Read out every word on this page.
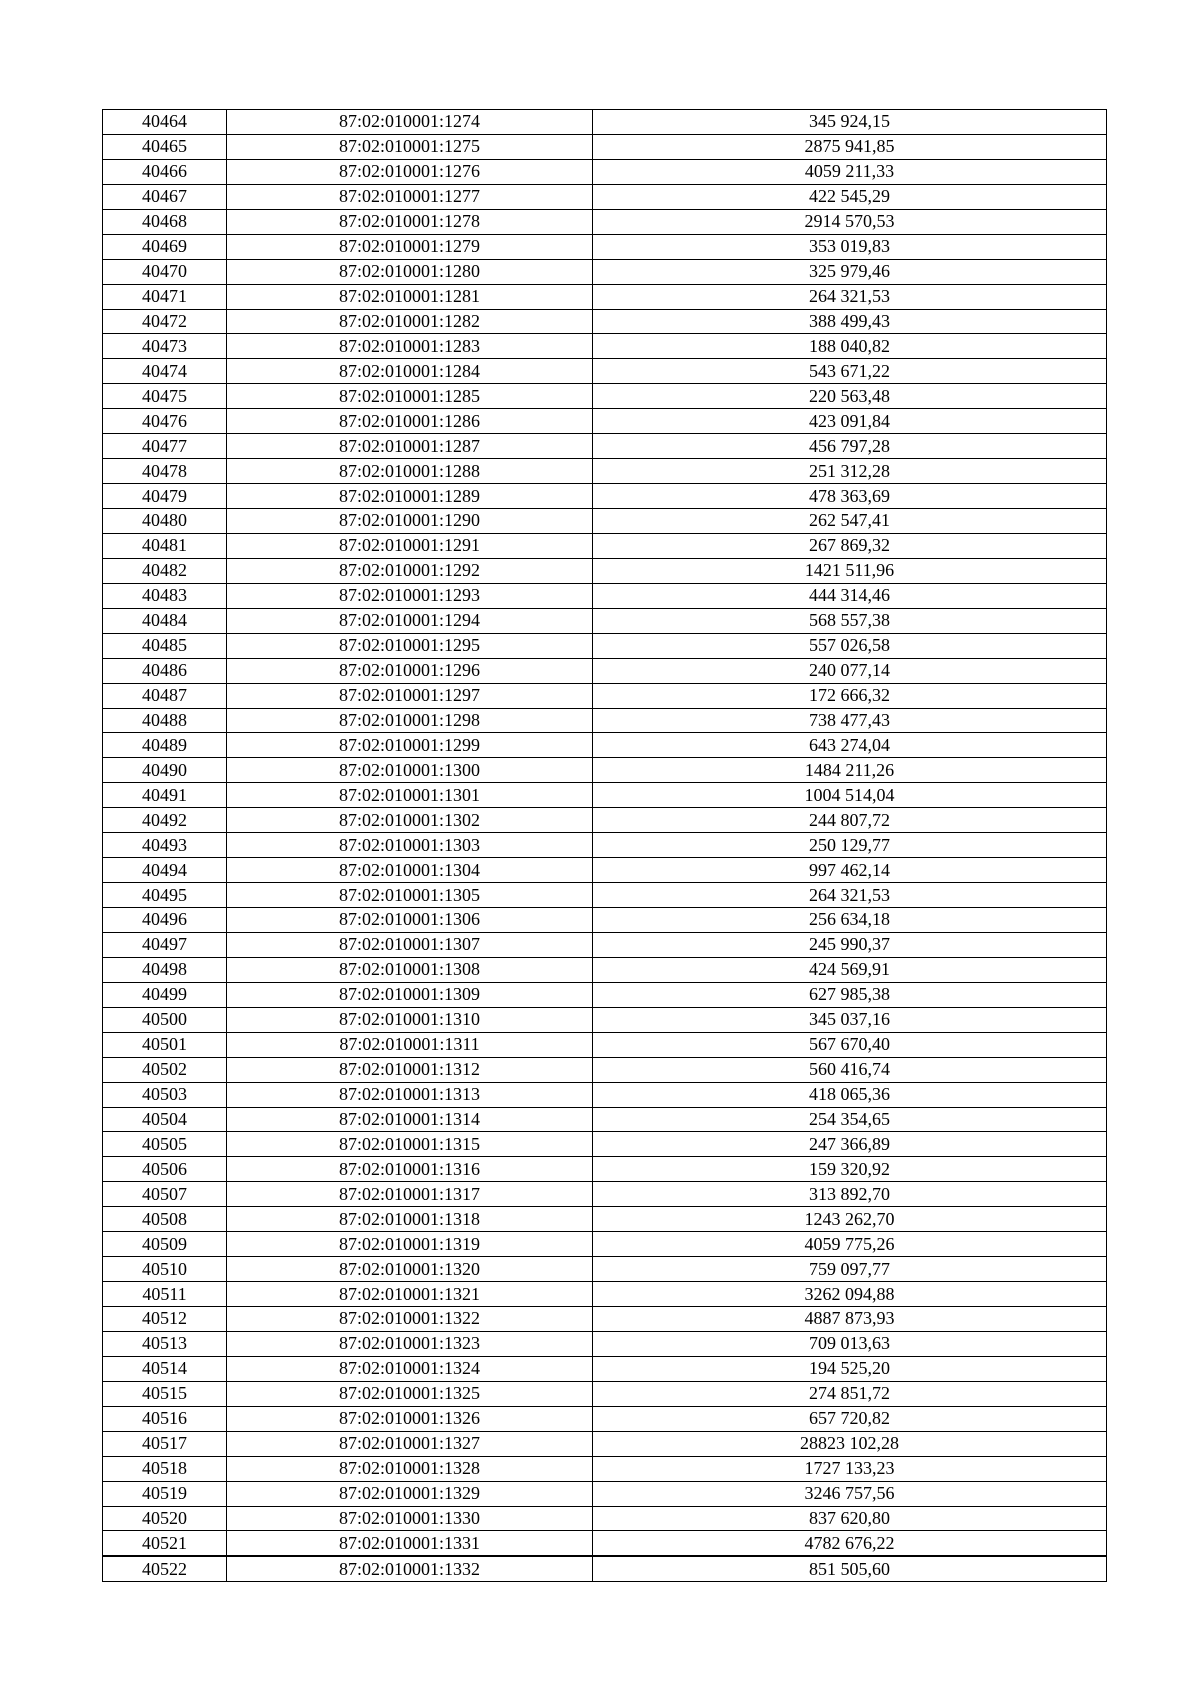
40464	87:02:010001:1274	345 924,15
40465	87:02:010001:1275	2875 941,85
40466	87:02:010001:1276	4059 211,33
40467	87:02:010001:1277	422 545,29
40468	87:02:010001:1278	2914 570,53
40469	87:02:010001:1279	353 019,83
40470	87:02:010001:1280	325 979,46
40471	87:02:010001:1281	264 321,53
40472	87:02:010001:1282	388 499,43
40473	87:02:010001:1283	188 040,82
40474	87:02:010001:1284	543 671,22
40475	87:02:010001:1285	220 563,48
40476	87:02:010001:1286	423 091,84
40477	87:02:010001:1287	456 797,28
40478	87:02:010001:1288	251 312,28
40479	87:02:010001:1289	478 363,69
40480	87:02:010001:1290	262 547,41
40481	87:02:010001:1291	267 869,32
40482	87:02:010001:1292	1421 511,96
40483	87:02:010001:1293	444 314,46
40484	87:02:010001:1294	568 557,38
40485	87:02:010001:1295	557 026,58
40486	87:02:010001:1296	240 077,14
40487	87:02:010001:1297	172 666,32
40488	87:02:010001:1298	738 477,43
40489	87:02:010001:1299	643 274,04
40490	87:02:010001:1300	1484 211,26
40491	87:02:010001:1301	1004 514,04
40492	87:02:010001:1302	244 807,72
40493	87:02:010001:1303	250 129,77
40494	87:02:010001:1304	997 462,14
40495	87:02:010001:1305	264 321,53
40496	87:02:010001:1306	256 634,18
40497	87:02:010001:1307	245 990,37
40498	87:02:010001:1308	424 569,91
40499	87:02:010001:1309	627 985,38
40500	87:02:010001:1310	345 037,16
40501	87:02:010001:1311	567 670,40
40502	87:02:010001:1312	560 416,74
40503	87:02:010001:1313	418 065,36
40504	87:02:010001:1314	254 354,65
40505	87:02:010001:1315	247 366,89
40506	87:02:010001:1316	159 320,92
40507	87:02:010001:1317	313 892,70
40508	87:02:010001:1318	1243 262,70
40509	87:02:010001:1319	4059 775,26
40510	87:02:010001:1320	759 097,77
40511	87:02:010001:1321	3262 094,88
40512	87:02:010001:1322	4887 873,93
40513	87:02:010001:1323	709 013,63
40514	87:02:010001:1324	194 525,20
40515	87:02:010001:1325	274 851,72
40516	87:02:010001:1326	657 720,82
40517	87:02:010001:1327	28823 102,28
40518	87:02:010001:1328	1727 133,23
40519	87:02:010001:1329	3246 757,56
40520	87:02:010001:1330	837 620,80
40521	87:02:010001:1331	4782 676,22
40522	87:02:010001:1332	851 505,60
